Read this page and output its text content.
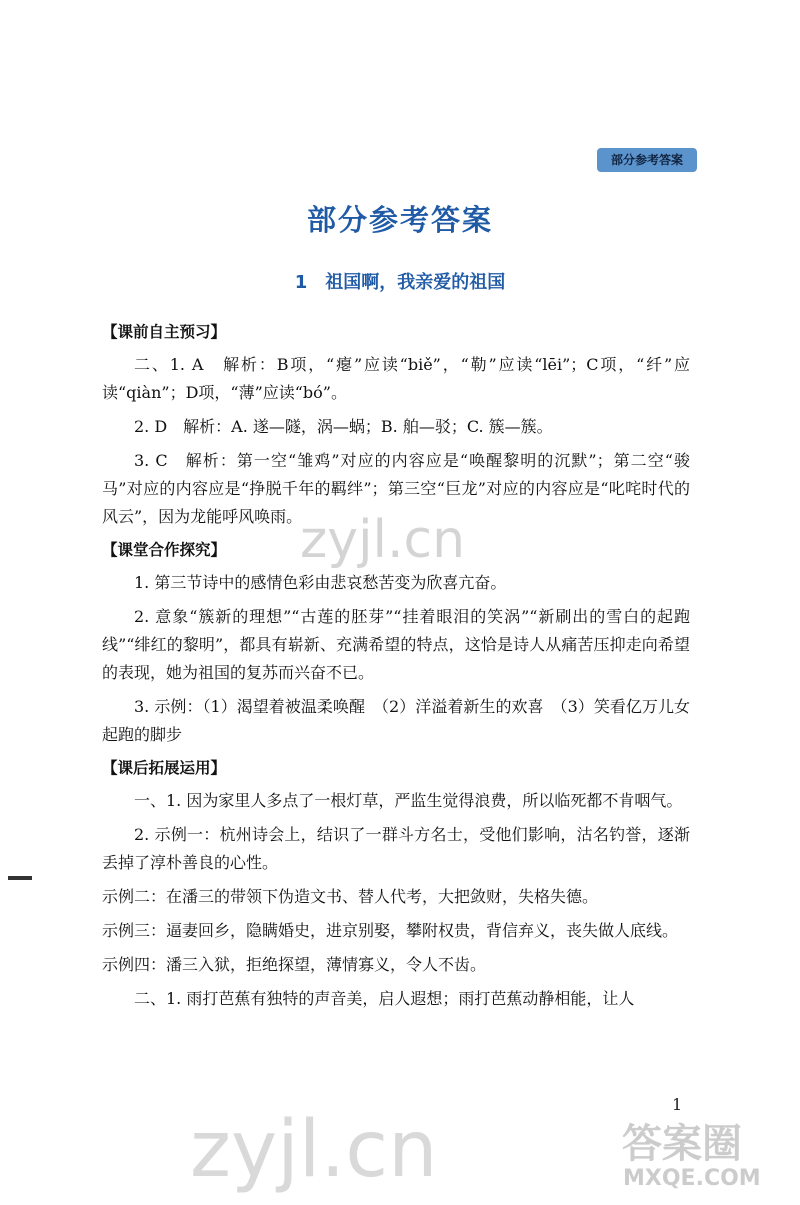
部分参考答案
部分参考答案
1 祖国啊，我亲爱的祖国

【课前自主预习】

二、1. A　解析：B项，“瘪”应读“biě”，“勒”应读“lēi”；C项，“纤”应读“qiàn”；D项，“薄”应读“bó”。

2. D　解析：A. 遂—隧，涡—蜗；B. 舶—驳；C. 簇—簇。

3. C　解析：第一空“雏鸡”对应的内容应是“唤醒黎明的沉默”；第二空“骏马”对应的内容应是“挣脱千年的羁绊”；第三空“巨龙”对应的内容应是“叱咤时代的风云”，因为龙能呼风唤雨。

【课堂合作探究】

1. 第三节诗中的感情色彩由悲哀愁苦变为欣喜亢奋。

2. 意象“簇新的理想”“古莲的胚芽”“挂着眼泪的笑涡”“新刷出的雪白的起跑线”“绯红的黎明”，都具有崭新、充满希望的特点，这恰是诗人从痛苦压抑走向希望的表现，她为祖国的复苏而兴奋不已。

3. 示例：（1）渴望着被温柔唤醒　（2）洋溢着新生的欢喜　（3）笑看亿万儿女起跑的脚步

【课后拓展运用】

一、1. 因为家里人多点了一根灯草，严监生觉得浪费，所以临死都不肯咽气。

2. 示例一：杭州诗会上，结识了一群斗方名士，受他们影响，沽名钓誉，逐渐丢掉了淳朴善良的心性。

示例二：在潘三的带领下伪造文书、替人代考，大把敛财，失格失德。

示例三：逼妻回乡，隐瞒婚史，进京别娶，攀附权贵，背信弃义，丧失做人底线。

示例四：潘三入狱，拒绝探望，薄情寡义，令人不齿。

二、1. 雨打芭蕉有独特的声音美，启人遐想；雨打芭蕉动静相能，让人

1
zyjl.cn
zyjl.cn	答案圈
MXQE.COM
